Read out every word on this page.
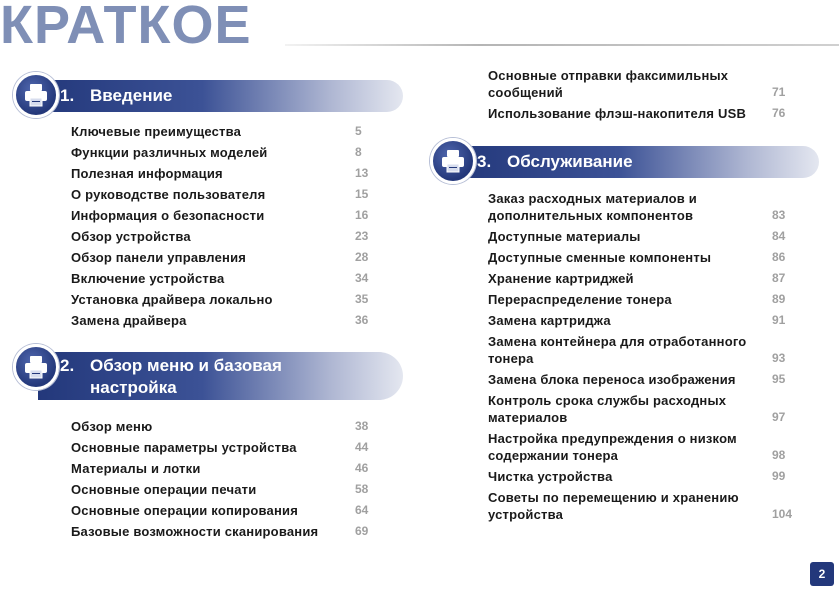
КРАТКОЕ
1. Введение
2. Обзор меню и базовая настройка
3. Обслуживание
Ключевые преимущества	5
Функции различных моделей	8
Полезная информация	13
О руководстве пользователя	15
Информация о безопасности	16
Обзор устройства	23
Обзор панели управления	28
Включение устройства	34
Установка драйвера локально	35
Замена драйвера	36
Обзор меню	38
Основные параметры устройства	44
Материалы и лотки	46
Основные операции печати	58
Основные операции копирования	64
Базовые возможности сканирования	69
Основные отправки факсимильных
сообщений	71
Использование флэш-накопителя USB	76
Заказ расходных материалов и
дополнительных компонентов	83
Доступные материалы	84
Доступные сменные компоненты	86
Хранение картриджей	87
Перераспределение тонера	89
Замена картриджа	91
Замена контейнера для отработанного
тонера	93
Замена блока переноса изображения	95
Контроль срока службы расходных
материалов	97
Настройка предупреждения о низком
содержании тонера	98
Чистка устройства	99
Советы по перемещению и хранению
устройства	104
2
